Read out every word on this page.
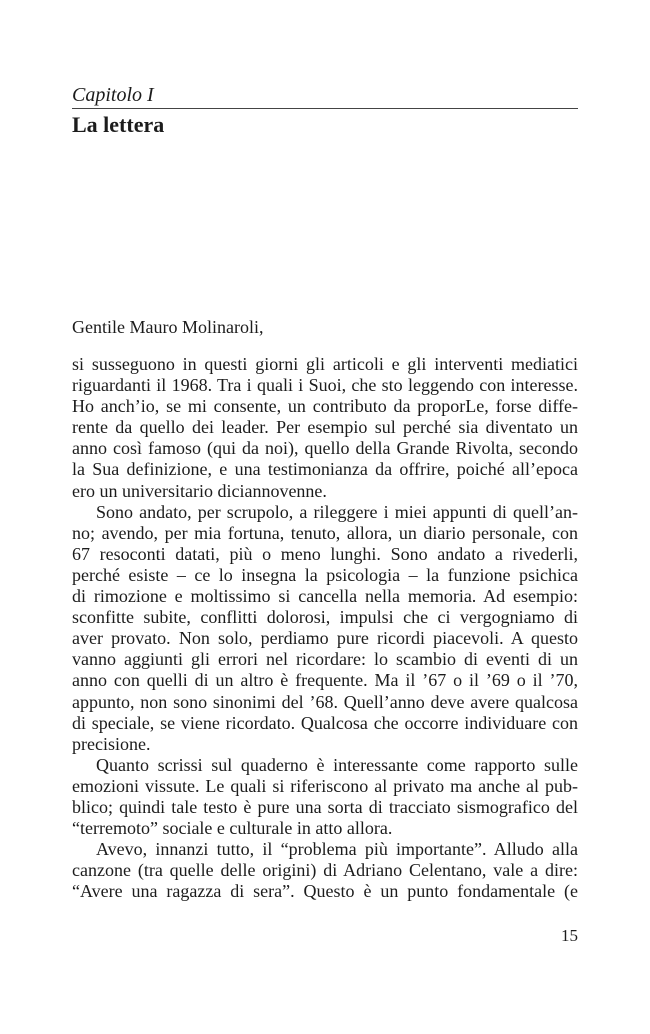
Capitolo I
La lettera
Gentile Mauro Molinaroli,
si susseguono in questi giorni gli articoli e gli interventi mediatici
riguardanti il 1968. Tra i quali i Suoi, che sto leggendo con interesse.
Ho anch’io, se mi consente, un contributo da proporLe, forse diffe-
rente da quello dei leader. Per esempio sul perché sia diventato un
anno così famoso (qui da noi), quello della Grande Rivolta, secondo
la Sua definizione, e una testimonianza da offrire, poiché all’epoca
ero un universitario diciannovenne.
Sono andato, per scrupolo, a rileggere i miei appunti di quell’an-
no; avendo, per mia fortuna, tenuto, allora, un diario personale, con
67 resoconti datati, più o meno lunghi. Sono andato a rivederli,
perché esiste – ce lo insegna la psicologia – la funzione psichica
di rimozione e moltissimo si cancella nella memoria. Ad esempio:
sconfitte subite, conflitti dolorosi, impulsi che ci vergogniamo di
aver provato. Non solo, perdiamo pure ricordi piacevoli. A questo
vanno aggiunti gli errori nel ricordare: lo scambio di eventi di un
anno con quelli di un altro è frequente. Ma il ’67 o il ’69 o il ’70,
appunto, non sono sinonimi del ’68. Quell’anno deve avere qualcosa
di speciale, se viene ricordato. Qualcosa che occorre individuare con
precisione.
Quanto scrissi sul quaderno è interessante come rapporto sulle
emozioni vissute. Le quali si riferiscono al privato ma anche al pub-
blico; quindi tale testo è pure una sorta di tracciato sismografico del
“terremoto” sociale e culturale in atto allora.
Avevo, innanzi tutto, il “problema più importante”. Alludo alla
canzone (tra quelle delle origini) di Adriano Celentano, vale a dire:
“Avere una ragazza di sera”. Questo è un punto fondamentale (e
15
